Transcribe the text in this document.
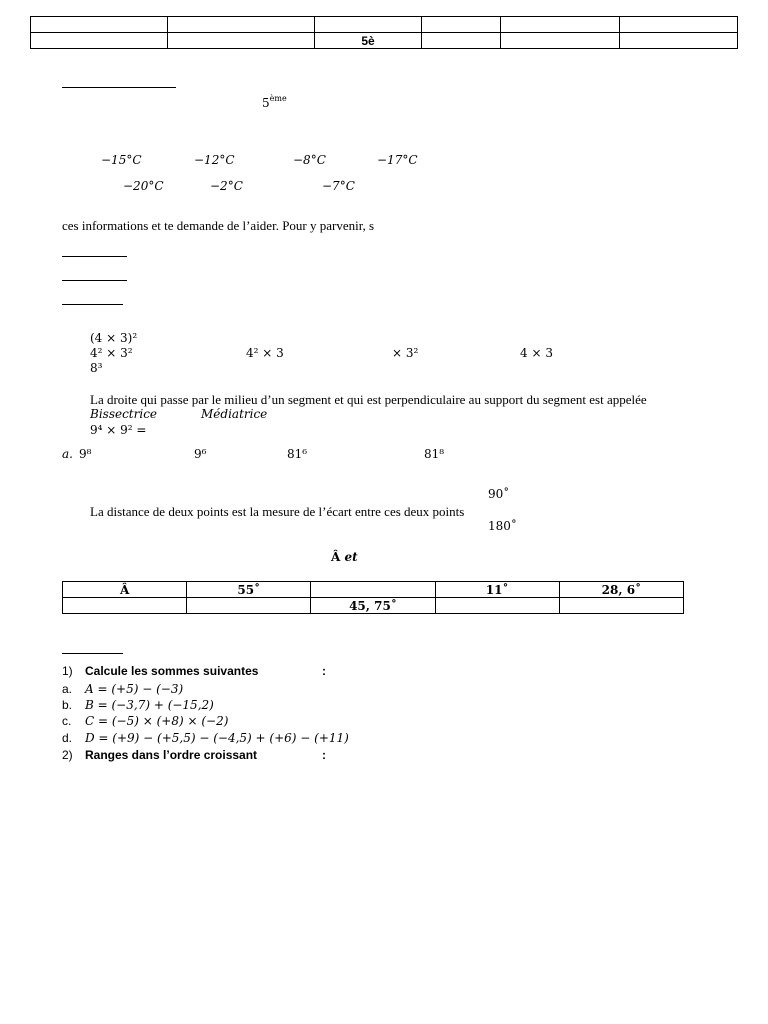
		5è			
5ème
−15°C	−12°C	−8°C	−17°C
−20°C	−2°C	−7°C
ces informations et te demande de l’aider. Pour y parvenir, s
(4 × 3)²
4² × 3²	4² × 3	× 3²	4 × 3
8³
La droite qui passe par le milieu d’un segment et qui est perpendiculaire au support du segment est appelée
Bissectrice	Médiatrice
9⁴ × 9² =
a. 9⁸	9⁶	81⁶	81⁸
90˚
La distance de deux points est la mesure de l’écart entre ces deux points
180˚
Â et
Â	55˚		11˚	28, 6˚
		45, 75˚		
1) Calcule les sommes suivantes	:
a. A = (+5) − (−3)
b. B = (−3,7) + (−15,2)
c. C = (−5) × (+8) × (−2)
d. D = (+9) − (+5,5) − (−4,5) + (+6) − (+11)
2) Ranges dans l’ordre croissant	:
